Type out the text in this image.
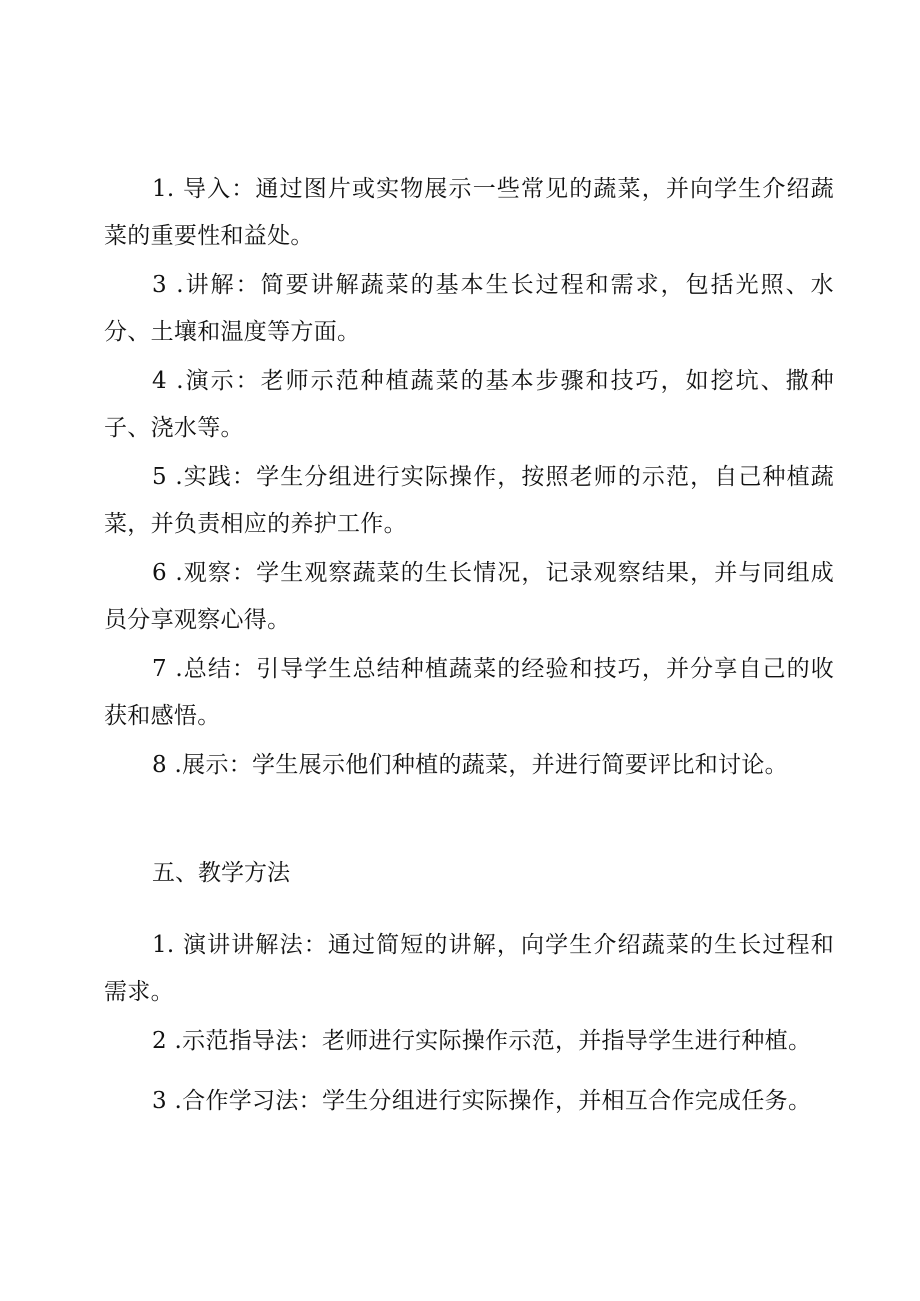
1. 导入：通过图片或实物展示一些常见的蔬菜，并向学生介绍蔬菜的重要性和益处。

3 .讲解：简要讲解蔬菜的基本生长过程和需求，包括光照、水分、土壤和温度等方面。

4 .演示：老师示范种植蔬菜的基本步骤和技巧，如挖坑、撒种子、浇水等。

5 .实践：学生分组进行实际操作，按照老师的示范，自己种植蔬菜，并负责相应的养护工作。

6 .观察：学生观察蔬菜的生长情况，记录观察结果，并与同组成员分享观察心得。

7 .总结：引导学生总结种植蔬菜的经验和技巧，并分享自己的收获和感悟。

8 .展示：学生展示他们种植的蔬菜，并进行简要评比和讨论。

五、教学方法

1. 演讲讲解法：通过简短的讲解，向学生介绍蔬菜的生长过程和需求。

2 .示范指导法：老师进行实际操作示范，并指导学生进行种植。

3 .合作学习法：学生分组进行实际操作，并相互合作完成任务。
